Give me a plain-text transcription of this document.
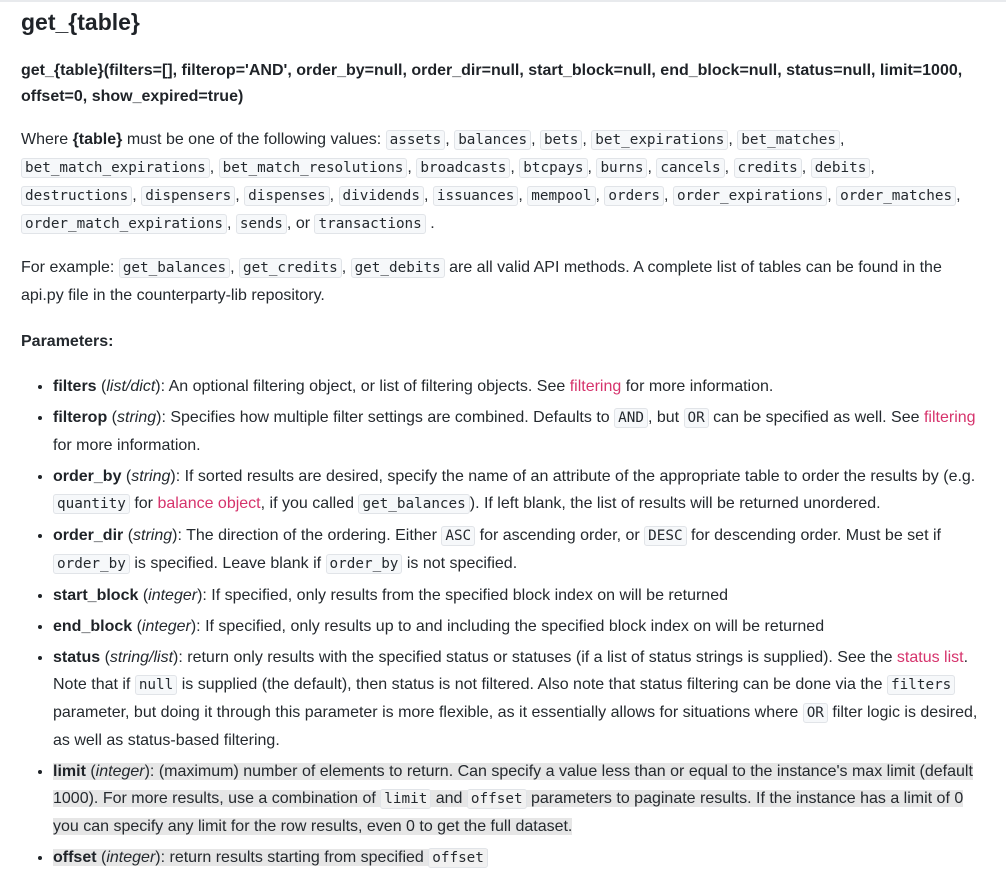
get_{table}
get_{table}(filters=[], filterop='AND', order_by=null, order_dir=null, start_block=null, end_block=null, status=null, limit=1000, offset=0, show_expired=true)

Where {table} must be one of the following values: assets , balances , bets , bet_expirations , bet_matches , bet_match_expirations , bet_match_resolutions , broadcasts , btcpays , burns , cancels , credits , debits , destructions , dispensers , dispenses , dividends , issuances , mempool , orders , order_expirations , order_matches , order_match_expirations , sends , or transactions .

For example: get_balances , get_credits , get_debits are all valid API methods. A complete list of tables can be found in the api.py file in the counterparty-lib repository.

Parameters:
• filters (list/dict): An optional filtering object, or list of filtering objects. See filtering for more information.
• filterop (string): Specifies how multiple filter settings are combined. Defaults to AND , but OR can be specified as well. See filtering for more information.
• order_by (string): If sorted results are desired, specify the name of an attribute of the appropriate table to order the results by (e.g. quantity for balance object, if you called get_balances ). If left blank, the list of results will be returned unordered.
• order_dir (string): The direction of the ordering. Either ASC for ascending order, or DESC for descending order. Must be set if order_by is specified. Leave blank if order_by is not specified.
• start_block (integer): If specified, only results from the specified block index on will be returned
• end_block (integer): If specified, only results up to and including the specified block index on will be returned
• status (string/list): return only results with the specified status or statuses (if a list of status strings is supplied). See the status list. Note that if null is supplied (the default), then status is not filtered. Also note that status filtering can be done via the filters parameter, but doing it through this parameter is more flexible, as it essentially allows for situations where OR filter logic is desired, as well as status-based filtering.
• limit (integer): (maximum) number of elements to return. Can specify a value less than or equal to the instance's max limit (default 1000). For more results, use a combination of limit and offset parameters to paginate results. If the instance has a limit of 0 you can specify any limit for the row results, even 0 to get the full dataset.
• offset (integer): return results starting from specified offset
